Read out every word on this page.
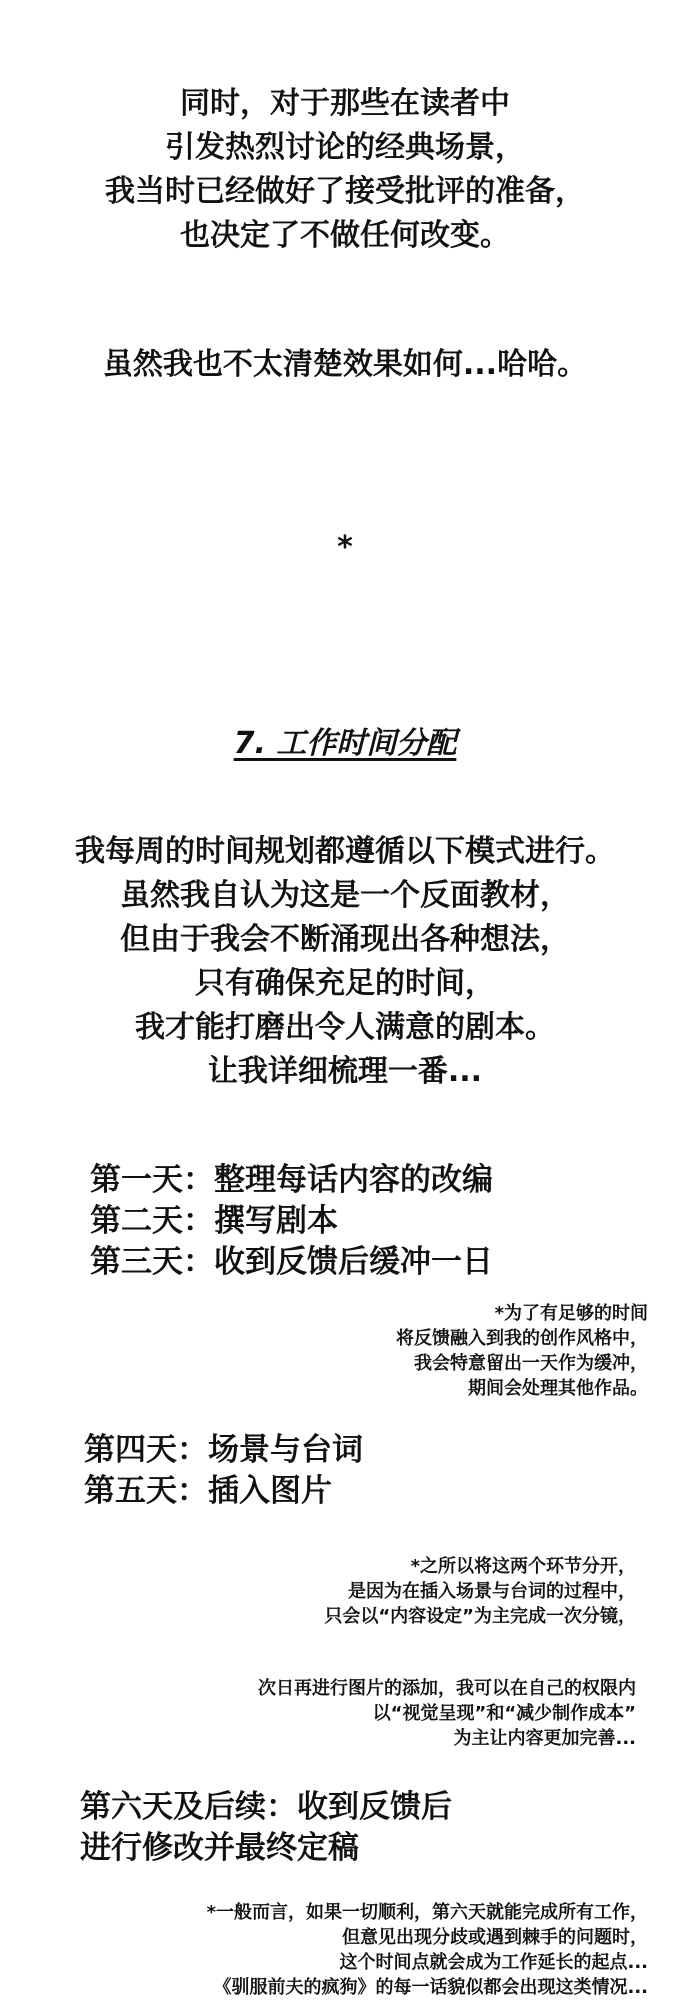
同时，对于那些在读者中
引发热烈讨论的经典场景，
我当时已经做好了接受批评的准备，
也决定了不做任何改变。
虽然我也不太清楚效果如何...哈哈。
*
7. 工作时间分配
我每周的时间规划都遵循以下模式进行。
虽然我自认为这是一个反面教材，
但由于我会不断涌现出各种想法，
只有确保充足的时间，
我才能打磨出令人满意的剧本。
让我详细梳理一番...
第一天：整理每话内容的改编
第二天：撰写剧本
第三天：收到反馈后缓冲一日
*为了有足够的时间
将反馈融入到我的创作风格中，
我会特意留出一天作为缓冲，
期间会处理其他作品。
第四天：场景与台词
第五天：插入图片
*之所以将这两个环节分开，
是因为在插入场景与台词的过程中，
只会以“内容设定”为主完成一次分镜，
次日再进行图片的添加，我可以在自己的权限内
以“视觉呈现”和“减少制作成本”
为主让内容更加完善...
第六天及后续：收到反馈后
进行修改并最终定稿
*一般而言，如果一切顺利，第六天就能完成所有工作，
但意见出现分歧或遇到棘手的问题时，
这个时间点就会成为工作延长的起点...
《驯服前夫的疯狗》的每一话貌似都会出现这类情况...
